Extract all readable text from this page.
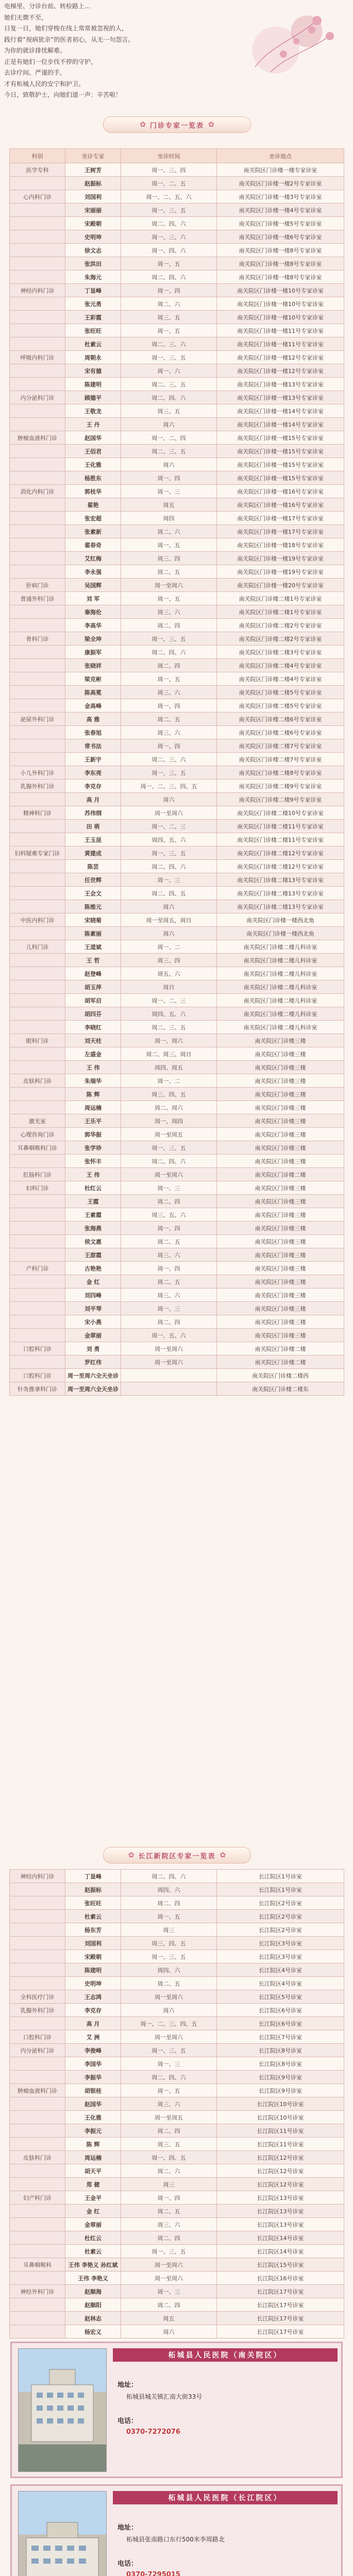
电梯里、分诊台前、转检路上…

她们无微不至，

日复一日，她们穿梭在线上常常被忽视的人，

践行着“视病犹亲”的医者初心，从无一句怨言。

为你的就诊排忧解难。

正是有她们一位步伐不停的守护，

去诊疗间、严谨的手，

才有柘城人民的安宁和护卫。

今日，致敬护士，向她们道一声：辛苦啦！

✿ 门诊专家一览表 ✿
科别	坐诊专家	坐诊时间	坐诊地点
医学专科	王树芳	周一、三、四	南关院区门诊楼一楼专家诊室
	赵振标	周一、二、五	南关院区门诊楼一楼2号专家诊室
心内科门诊	刘国利	周一、二、五、六	南关院区门诊楼一楼3号专家诊室
	宋丽丽	周一、三、五	南关院区门诊楼一楼4号专家诊室
	宋殿朝	周二、四、六	南关院区门诊楼一楼5号专家诊室
	史明坤	周一、三、六	南关院区门诊楼一楼6号专家诊室
	徐文志	周一、四、六	南关院区门诊楼一楼8号专家诊室
	张洪田	周一、五	南关院区门诊楼一楼8号专家诊室
	朱海元	周二、四、六	南关院区门诊楼一楼8号专家诊室
神经内科门诊	丁显峰	周一、四	南关院区门诊楼一楼10号专家诊室
	张元勇	周二、六	南关院区门诊楼一楼10号专家诊室
	王彩霞	周三、五	南关院区门诊楼一楼10号专家诊室
	张旺旺	周一、五	南关院区门诊楼一楼11号专家诊室
	杜素云	周二、三、六	南关院区门诊楼一楼11号专家诊室
呼吸内科门诊	周朝永	周一、三、五	南关院区门诊楼一楼12号专家诊室
	宋有德	周一、六	南关院区门诊楼一楼12号专家诊室
	陈建明	周二、三、五	南关院区门诊楼一楼13号专家诊室
内分泌科门诊	顾德平	周二、四、六	南关院区门诊楼一楼13号专家诊室
	王敬龙	周三、五	南关院区门诊楼一楼14号专家诊室
	王 丹	周六	南关院区门诊楼一楼14号专家诊室
肿瘤血液科门诊	赵国华	周一、二、四	南关院区门诊楼一楼15号专家诊室
	王佰君	周二、三、五	南关院区门诊楼一楼15号专家诊室
	王化雅	周六	南关院区门诊楼一楼15号专家诊室
	杨胜东	周一、四	南关院区门诊楼一楼15号专家诊室
消化内科门诊	郭枝华	周一、三	南关院区门诊楼一楼16号专家诊室
	翟艳	周五	南关院区门诊楼一楼16号专家诊室
	张宏超	周四	南关院区门诊楼一楼17号专家诊室
	张素新	周二、六	南关院区门诊楼一楼17号专家诊室
	翟春奇	周一、五	南关院区门诊楼一楼18号专家诊室
	艾红梅	周三、四	南关院区门诊楼一楼19号专家诊室
	李永强	周二、五	南关院区门诊楼一楼19号专家诊室
肝病门诊	吴国辉	周一至周六	南关院区门诊楼一楼20号专家诊室
普通外科门诊	刘 军	周一、五	南关院区门诊楼二楼1号专家诊室
	秦海伦	周三、六	南关院区门诊楼二楼1号专家诊室
	李高华	周二、四	南关院区门诊楼二楼2号专家诊室
骨科门诊	梁全坤	周一、三、五	南关院区门诊楼二楼2号专家诊室
	康振军	周二、四、六	南关院区门诊楼二楼3号专家诊室
	张晓祥	周二、四	南关院区门诊楼二楼4号专家诊室
	梁克彬	周一、五	南关院区门诊楼二楼4号专家诊室
	陈高冕	周三、六	南关院区门诊楼二楼5号专家诊室
	金高峰	周一、四	南关院区门诊楼二楼5号专家诊室
泌尿外科门诊	高 雅	周二、五	南关院区门诊楼二楼6号专家诊室
	张春旭	周三、六	南关院区门诊楼二楼6号专家诊室
	常书法	周一、四	南关院区门诊楼二楼7号专家诊室
	王新宇	周二、三、六	南关院区门诊楼二楼7号专家诊室
小儿外科门诊	李东亮	周一、三、五	南关院区门诊楼二楼8号专家诊室
乳腺外科门诊	李克存	周一、二、三、四、五	南关院区门诊楼二楼9号专家诊室
	高 月	周六	南关院区门诊楼二楼9号专家诊室
精神科门诊	苏伟纲	周一至周六	南关院区门诊楼二楼10号专家诊室
	田 萌	周一、二、三	南关院区门诊楼二楼11号专家诊室
	王玉昆	周四、五、六	南关院区门诊楼二楼11号专家诊室
妇科疑难专家门诊	黄建成	周一、三、五	南关院区门诊楼二楼12号专家诊室
	陈芸	周二、四、六	南关院区门诊楼二楼12号专家诊室
	任世辉	周一、三	南关院区门诊楼二楼13号专家诊室
	王会文	周二、四、五	南关院区门诊楼二楼13号专家诊室
	陈维元	周六	南关院区门诊楼二楼13号专家诊室
中医内科门诊	宋晓菊	周一至周五，周日	南关院区门诊楼一楼西北角
	陈素丽	周六	南关院区门诊楼一楼西北角
儿科门诊	王道斌	周一、二	南关院区门诊楼二楼儿科诊室
	王 哲	周三、四	南关院区门诊楼二楼儿科诊室
	赵登峰	周五、六	南关院区门诊楼二楼儿科诊室
	胡玉萍	周日	南关院区门诊楼二楼儿科诊室
	胡军启	周一、二、三	南关院区门诊楼二楼儿科诊室
	胡四芬	周四、五、六	南关院区门诊楼二楼儿科诊室
	李晓红	周二、三、五	南关院区门诊楼二楼儿科诊室
眼科门诊	刘天柱	周一、周六	南关院区门诊楼三楼
	左盛金	周二、周三、周日	南关院区门诊楼三楼
	王 伟	周四、周五	南关院区门诊楼三楼
皮肤科门诊	朱瑞华	周一、二	南关院区门诊楼三楼
	陈 辉	周三、四、五	南关院区门诊楼三楼
	周运楠	周二、周六	南关院区门诊楼三楼
激光室	王乐平	周一、周四	南关院区门诊楼三楼
心理咨询门诊	郭华振	周一至周五	南关院区门诊楼三楼
耳鼻咽喉科门诊	张学珍	周一、三、五	南关院区门诊楼三楼
	张怀丰	周二、四、六	南关院区门诊楼三楼
肛肠科门诊	王 伟	周一至周六	南关院区门诊楼二楼
妇科门诊	杜红云	周一、三	南关院区门诊楼三楼
	王霞	周二、四	南关院区门诊楼三楼
	王素霞	周三、五、六	南关院区门诊楼三楼
	张海燕	周一、四	南关院区门诊楼三楼
	侯文惠	周二、五	南关院区门诊楼三楼
	王甜霞	周三、六	南关院区门诊楼三楼
产科门诊	古艳艳	周一、四	南关院区门诊楼三楼
	金 红	周二、五	南关院区门诊楼三楼
	刘四峰	周三、六	南关院区门诊楼三楼
	刘平琴	周一、三	南关院区门诊楼三楼
	宋小燕	周二、四	南关院区门诊楼三楼
	金翠丽	周一、五、六	南关院区门诊楼三楼
口腔科门诊	刘 勇	周一至周六	南关院区门诊楼二楼
	罗红伟	周一至周六	南关院区门诊楼二楼
口腔科门诊	周一至周六全天坐诊		南关院区门诊楼二楼西
针灸推拿科门诊	周一至周六全天坐诊		南关院区门诊楼二楼东
✿ 长江新院区专家一览表 ✿
神经内科门诊	丁显峰	周二、四、六	长江院区1号诊室
	赵振标	周四、六	长江院区1号诊室
	张旺旺	周二、四	长江院区2号诊室
	杜素云	周一、五	长江院区2号诊室
	杨东芳	周三	长江院区2号诊室
	刘国利	周三、四、五	长江院区3号诊室
	宋殿朝	周一、三、五	长江院区3号诊室
	陈建明	周四、六	长江院区4号诊室
	史明坤	周二、五	长江院区4号诊室
全科医疗门诊	王志鸿	周一至周六	长江院区5号诊室
乳腺外科门诊	李克存	周六	长江院区6号诊室
	高 月	周一、二、三、四、五	长江院区6号诊室
口腔科门诊	艾 洲	周一至周六	长江院区7号诊室
内分泌科门诊	李俊峰	周一、三、五	长江院区8号诊室
	李国华	周一、三	长江院区8号诊室
	李振华	周二、四、六	长江院区9号诊室
肿瘤血液科门诊	胡银桂	周一、五	长江院区9号诊室
	赵国华	周三、六	长江院区10号诊室
	王化雅	周一至周五	长江院区10号诊室
	李振元	周二、四	长江院区11号诊室
	陈 辉	周三、五	长江院区11号诊室
皮肤科门诊	周运楠	周一、四、五	长江院区12号诊室
	胡天平	周二、六	长江院区12号诊室
	郑 健	周三	长江院区12号诊室
妇产科门诊	王金平	周一、四	长江院区13号诊室
	金 红	周二、五	长江院区13号诊室
	金翠丽	周三、六	长江院区13号诊室
	杜红云	周二、四	长江院区14号诊室
	杜素云	周一、三、五	长江院区14号诊室
耳鼻咽喉科	王伟 李艳义 孙红斌	周一至周六	长江院区15号诊室
	王伟 李艳义	周一至周六	长江院区16号诊室
神经外科门诊	赵顺海	周一、三	长江院区17号诊室
	赵顺阳	周二、四	长江院区17号诊室
	赵林志	周五	长江院区17号诊室
	杨宏义	周六	长江院区17号诊室
柘城县人民医院（南关院区）
地址：
柘城县城关镇汇南大街33号
电话：
0370-7272076
柘城县人民医院（长江院区）
地址：
柘城县张南路口东行500米李周路北
电话：
0370-7295015
